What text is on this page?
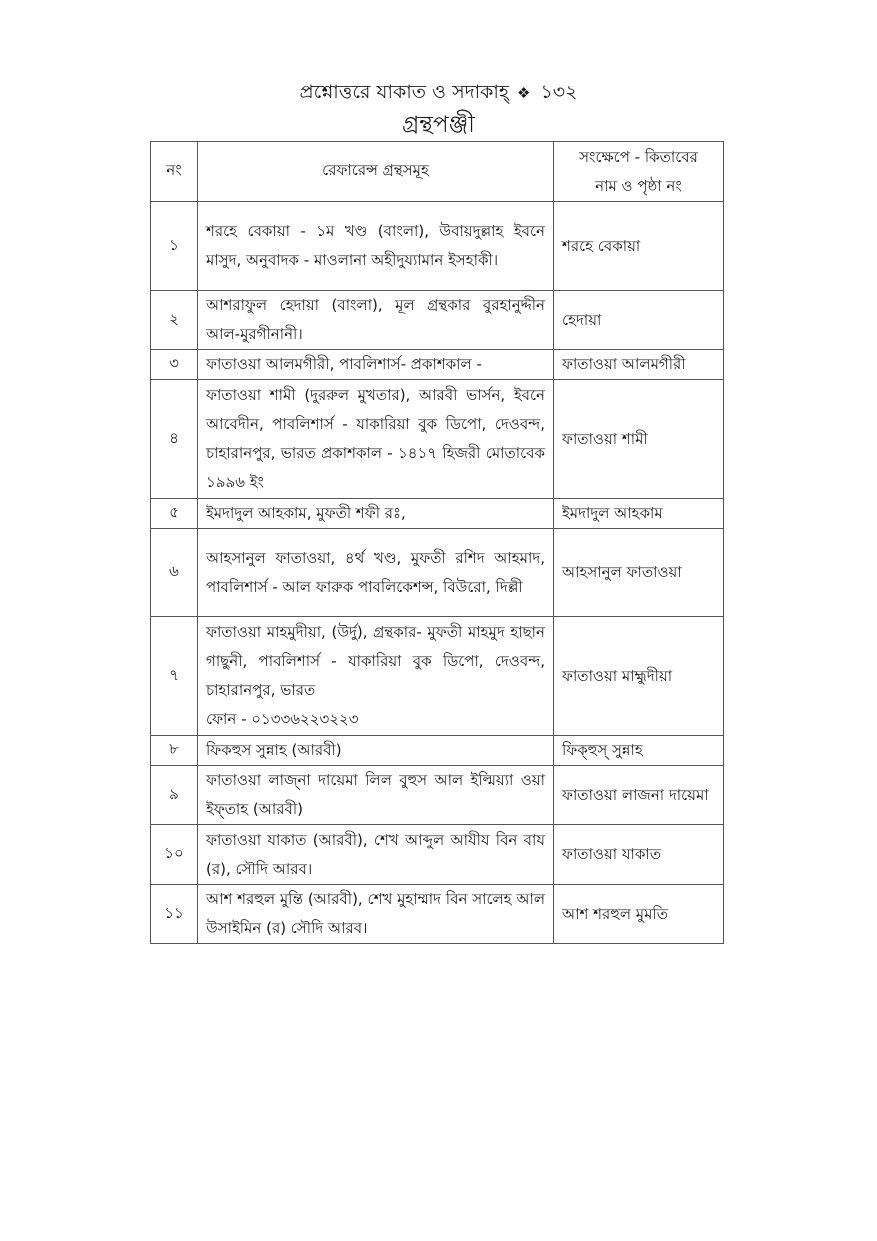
প্রশ্নোত্তরে যাকাত ও সদাকাহ্ ❖ ১৩২
গ্রন্থপঞ্জী
নং	রেফারেন্স গ্রন্থসমূহ	সংক্ষেপে - কিতাবের
নাম ও পৃষ্ঠা নং

১	শরহে বেকায়া - ১ম খণ্ড (বাংলা), উবায়দুল্লাহ ইবনে মাসুদ, অনুবাদক - মাওলানা অহীদুয্যামান ইসহাকী।	শরহে বেকায়া
২	আশরাফুল হেদায়া (বাংলা), মূল গ্রন্থকার বুরহানুদ্দীন আল-মুরগীনানী।	হেদায়া
৩	ফাতাওয়া আলমগীরী, পাবলিশার্স- প্রকাশকাল -	ফাতাওয়া আলমগীরী
৪	ফাতাওয়া শামী (দুররুল মুখতার), আরবী ভার্সন, ইবনে আবেদীন, পাবলিশার্স - যাকারিয়া বুক ডিপো, দেওবন্দ, চাহারানপুর, ভারত প্রকাশকাল - ১৪১৭ হিজরী মোতাবেক ১৯৯৬ ইং	ফাতাওয়া শামী
৫	ইমদাদুল আহকাম, মুফতী শফী রঃ,	ইমদাদুল আহকাম
৬	আহসানুল ফাতাওয়া, ৪র্থ খণ্ড, মুফতী রশিদ আহমাদ, পাবলিশার্স - আল ফারুক পাবলিকেশন্স, বিউরো, দিল্লী	আহসানুল ফাতাওয়া
৭	ফাতাওয়া মাহমুদীয়া, (উর্দু), গ্রন্থকার- মুফতী মাহমুদ হাছান গাছুনী, পাবলিশার্স - যাকারিয়া বুক ডিপো, দেওবন্দ, চাহারানপুর, ভারত
ফোন - ০১৩৩৬২২৩২২৩	ফাতাওয়া মাহ্মুদীয়া
৮	ফিকহুস সুন্নাহ (আরবী)	ফিক্হুস্ সুন্নাহ
৯	ফাতাওয়া লাজ্না দায়েমা লিল বুহুস আল ইল্মিয়্যা ওয়া ইফ্তাহ (আরবী)	ফাতাওয়া লাজনা দায়েমা
১০	ফাতাওয়া যাকাত (আরবী), শেখ আব্দুল আযীয বিন বায (র), সৌদি আরব।	ফাতাওয়া যাকাত
১১	আশ শরহুল মুম্তি (আরবী), শেখ মুহাম্মাদ বিন সালেহ আল উসাইমিন (র) সৌদি আরব।	আশ শরহুল মুমতি
